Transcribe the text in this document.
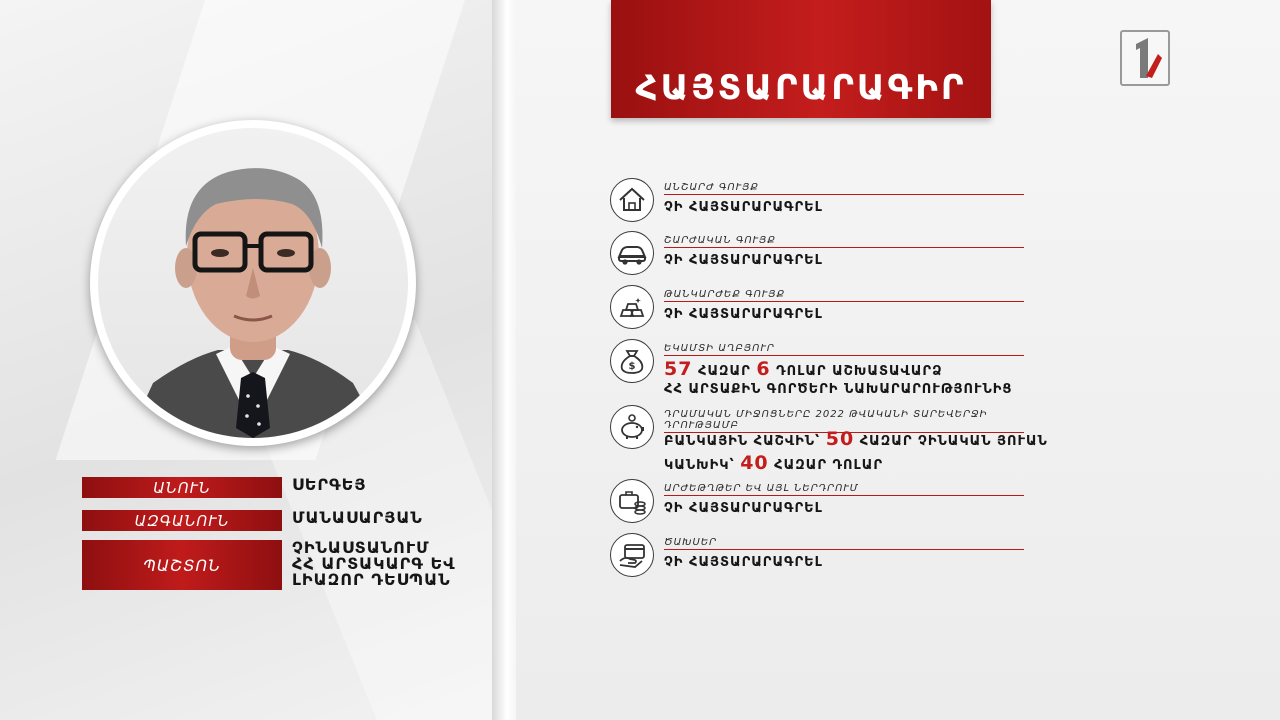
ԱՆՈՒՆ	ՍԵՐԳԵՅ
ԱԶԳԱՆՈՒՆ	ՄԱՆԱՍԱՐՅԱՆ
ՊԱՇՏՈՆ
ՉԻՆԱՍՏԱՆՈՒՄ
ՀՀ ԱՐՏԱԿԱՐԳ ԵՎ
ԼԻԱԶՈՐ ԴԵՍՊԱՆ
ՀԱՅՏԱՐԱՐԱԳԻՐ
ԱՆՇԱՐԺ ԳՈՒՅՔ
ՉԻ ՀԱՅՏԱՐԱՐԱԳՐԵԼ
ՇԱՐԺԱԿԱՆ ԳՈՒՅՔ
ՉԻ ՀԱՅՏԱՐԱՐԱԳՐԵԼ
ԹԱՆԿԱՐԺԵՔ ԳՈՒՅՔ
ՉԻ ՀԱՅՏԱՐԱՐԱԳՐԵԼ
$
ԵԿԱՄՏԻ ԱՂԲՅՈՒՐ
57 ՀԱԶԱՐ 6 ԴՈԼԱՐ ԱՇԽԱՏԱՎԱՐՁ
ՀՀ ԱՐՏԱՔԻՆ ԳՈՐԾԵՐԻ ՆԱԽԱՐԱՐՈՒԹՅՈՒՆԻՑ
ԴՐԱՄԱԿԱՆ ՄԻՋՈՑՆԵՐԸ 2022 ԹՎԱԿԱՆԻ ՏԱՐԵՎԵՐՋԻ ԴՐՈՒԹՅԱՄԲ
ԲԱՆԿԱՅԻՆ ՀԱՇՎԻՆ՝ 50 ՀԱԶԱՐ ՉԻՆԱԿԱՆ ՅՈՒԱՆ
ԿԱՆԽԻԿ՝ 40 ՀԱԶԱՐ ԴՈԼԱՐ
ԱՐԺԵԹՂԹԵՐ ԵՎ ԱՅԼ ՆԵՐԴՐՈՒՄ
ՉԻ ՀԱՅՏԱՐԱՐԱԳՐԵԼ
ԾԱԽՍԵՐ
ՉԻ ՀԱՅՏԱՐԱՐԱԳՐԵԼ
